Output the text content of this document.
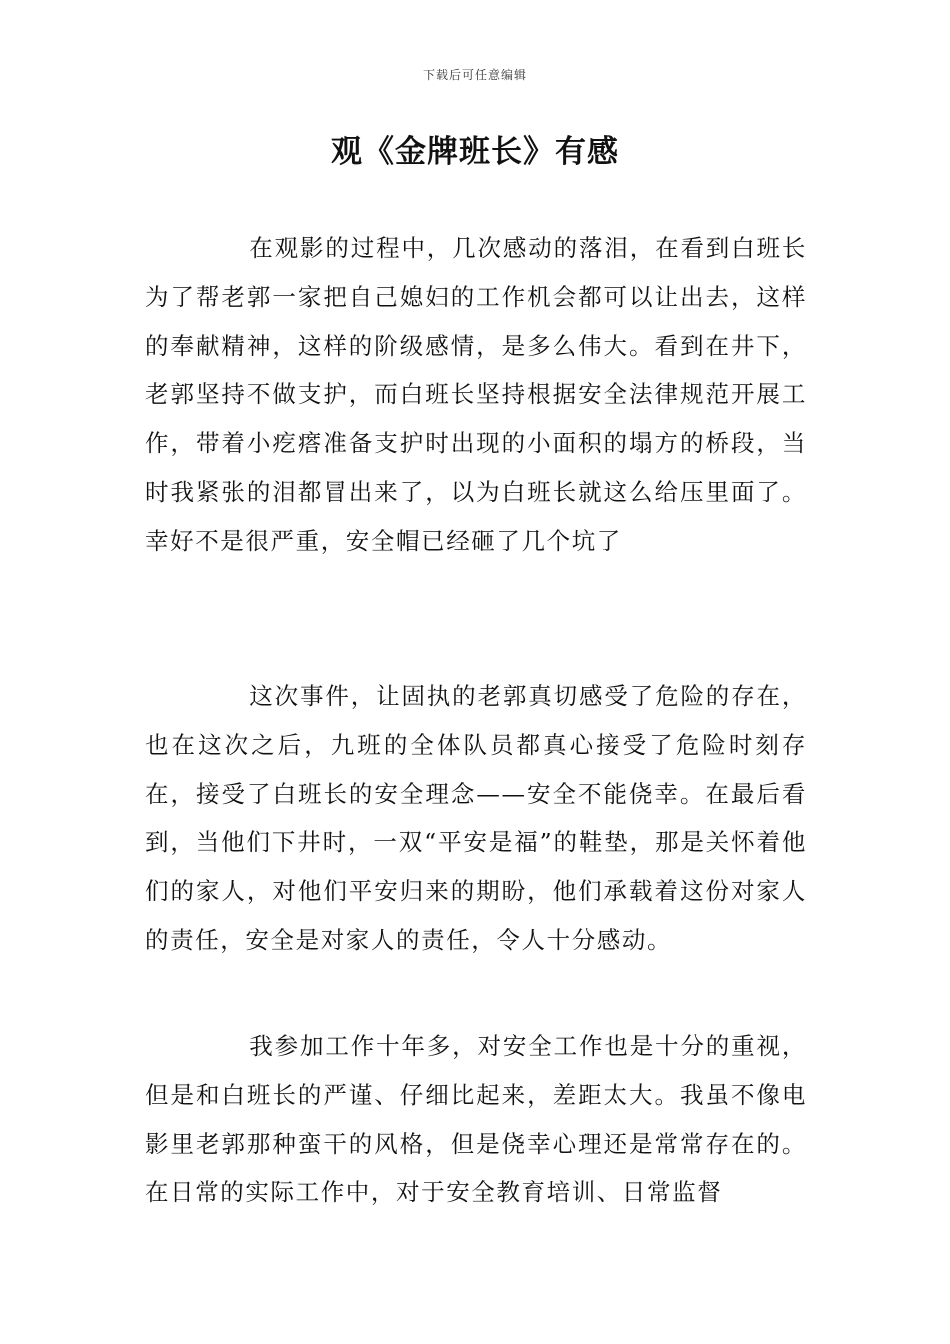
下载后可任意编辑
观《金牌班长》有感

在观影的过程中，几次感动的落泪，在看到白班长为了帮老郭一家把自己媳妇的工作机会都可以让出去，这样的奉献精神，这样的阶级感情，是多么伟大。看到在井下，老郭坚持不做支护，而白班长坚持根据安全法律规范开展工作，带着小疙瘩准备支护时出现的小面积的塌方的桥段，当时我紧张的泪都冒出来了，以为白班长就这么给压里面了。幸好不是很严重，安全帽已经砸了几个坑了

这次事件，让固执的老郭真切感受了危险的存在，也在这次之后，九班的全体队员都真心接受了危险时刻存在，接受了白班长的安全理念——安全不能侥幸。在最后看到，当他们下井时，一双“平安是福”的鞋垫，那是关怀着他们的家人，对他们平安归来的期盼，他们承载着这份对家人的责任，安全是对家人的责任，令人十分感动。

我参加工作十年多，对安全工作也是十分的重视，但是和白班长的严谨、仔细比起来，差距太大。我虽不像电影里老郭那种蛮干的风格，但是侥幸心理还是常常存在的。在日常的实际工作中，对于安全教育培训、日常监督
